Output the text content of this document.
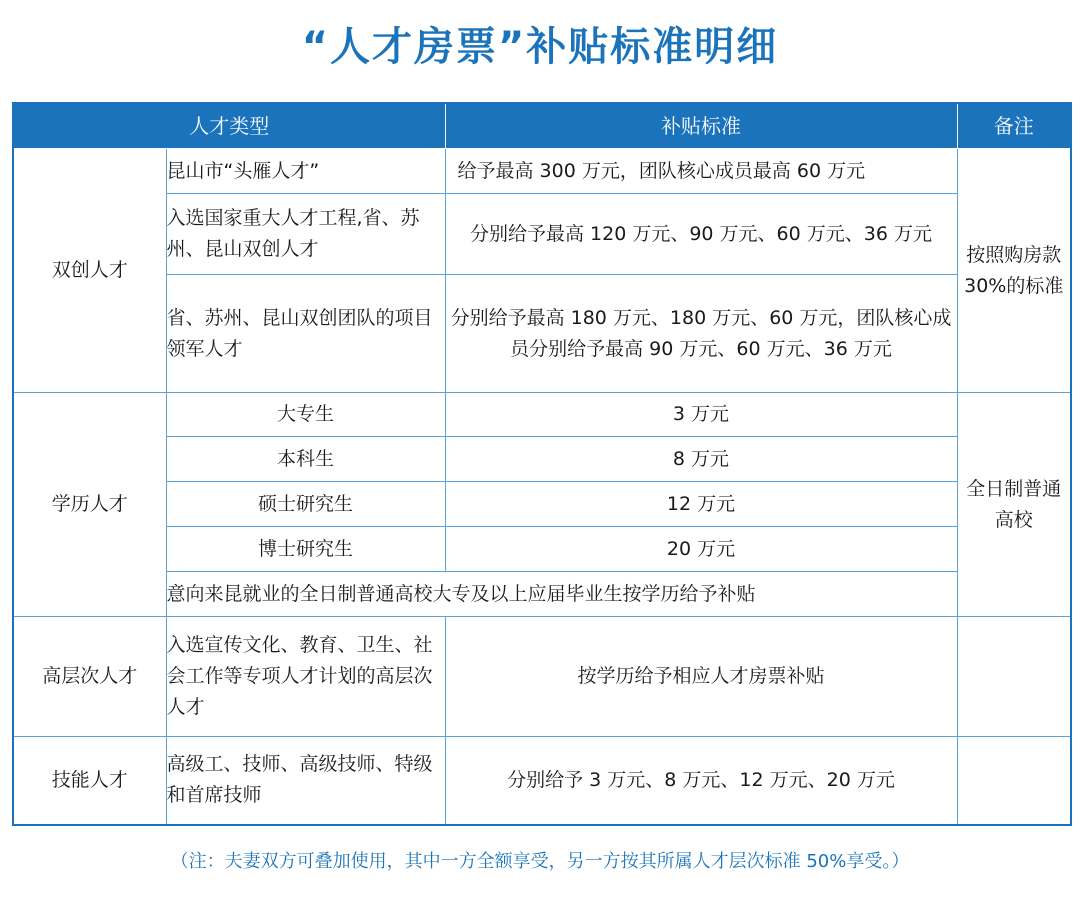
“人才房票”补贴标准明细
人才类型		补贴标准	备注
双创人才	昆山市“头雁人才”	给予最高 300 万元，团队核心成员最高 60 万元	按照购房款 30%的标准
	入选国家重大人才工程,省、苏州、昆山双创人才	分别给予最高 120 万元、90 万元、60 万元、36 万元	
	省、苏州、昆山双创团队的项目领军人才	分别给予最高 180 万元、180 万元、60 万元，团队核心成员分别给予最高 90 万元、60 万元、36 万元	
学历人才	大专生	3 万元	全日制普通高校
	本科生	8 万元	
	硕士研究生	12 万元	
	博士研究生	20 万元	
	意向来昆就业的全日制普通高校大专及以上应届毕业生按学历给予补贴		
高层次人才	入选宣传文化、教育、卫生、社会工作等专项人才计划的高层次人才	按学历给予相应人才房票补贴	
技能人才	高级工、技师、高级技师、特级和首席技师	分别给予 3 万元、8 万元、12 万元、20 万元	
（注：夫妻双方可叠加使用，其中一方全额享受，另一方按其所属人才层次标准 50%享受。）
